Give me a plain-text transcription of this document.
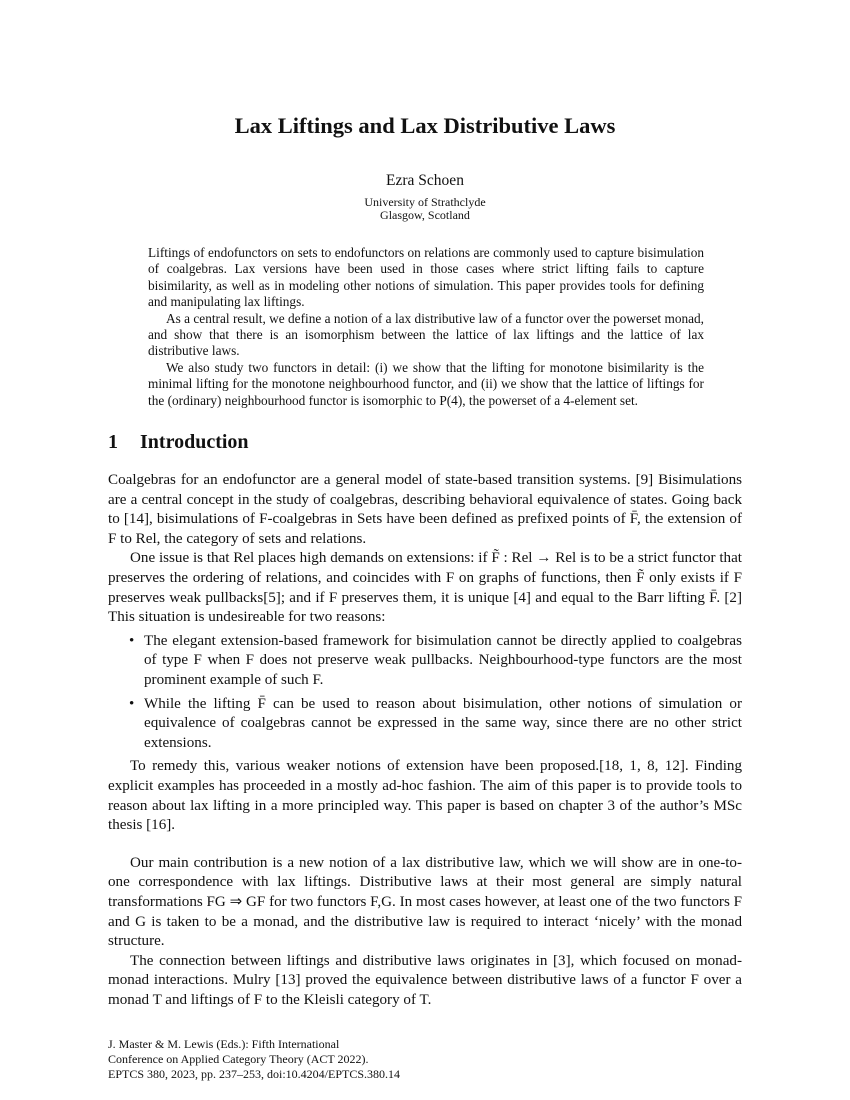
Lax Liftings and Lax Distributive Laws
Ezra Schoen
University of Strathclyde
Glasgow, Scotland

Liftings of endofunctors on sets to endofunctors on relations are commonly used to capture bisimulation of coalgebras. Lax versions have been used in those cases where strict lifting fails to capture bisimilarity, as well as in modeling other notions of simulation. This paper provides tools for defining and manipulating lax liftings.

As a central result, we define a notion of a lax distributive law of a functor over the powerset monad, and show that there is an isomorphism between the lattice of lax liftings and the lattice of lax distributive laws.

We also study two functors in detail: (i) we show that the lifting for monotone bisimilarity is the minimal lifting for the monotone neighbourhood functor, and (ii) we show that the lattice of liftings for the (ordinary) neighbourhood functor is isomorphic to P(4), the powerset of a 4-element set.

1 Introduction

Coalgebras for an endofunctor are a general model of state-based transition systems. [9] Bisimulations are a central concept in the study of coalgebras, describing behavioral equivalence of states. Going back to [14], bisimulations of F-coalgebras in Sets have been defined as prefixed points of F̄, the extension of F to Rel, the category of sets and relations.

One issue is that Rel places high demands on extensions: if F̃ : Rel → Rel is to be a strict functor that preserves the ordering of relations, and coincides with F on graphs of functions, then F̃ only exists if F preserves weak pullbacks[5]; and if F preserves them, it is unique [4] and equal to the Barr lifting F̄. [2] This situation is undesireable for two reasons:

• The elegant extension-based framework for bisimulation cannot be directly applied to coalgebras of type F when F does not preserve weak pullbacks. Neighbourhood-type functors are the most prominent example of such F.
• While the lifting F̄ can be used to reason about bisimulation, other notions of simulation or equivalence of coalgebras cannot be expressed in the same way, since there are no other strict extensions.

To remedy this, various weaker notions of extension have been proposed.[18, 1, 8, 12]. Finding explicit examples has proceeded in a mostly ad-hoc fashion. The aim of this paper is to provide tools to reason about lax lifting in a more principled way. This paper is based on chapter 3 of the author’s MSc thesis [16].

Our main contribution is a new notion of a lax distributive law, which we will show are in one-to-one correspondence with lax liftings. Distributive laws at their most general are simply natural transformations FG ⇒ GF for two functors F,G. In most cases however, at least one of the two functors F and G is taken to be a monad, and the distributive law is required to interact ‘nicely’ with the monad structure.

The connection between liftings and distributive laws originates in [3], which focused on monad-monad interactions. Mulry [13] proved the equivalence between distributive laws of a functor F over a monad T and liftings of F to the Kleisli category of T.

J. Master & M. Lewis (Eds.): Fifth International
Conference on Applied Category Theory (ACT 2022).
EPTCS 380, 2023, pp. 237–253, doi:10.4204/EPTCS.380.14
